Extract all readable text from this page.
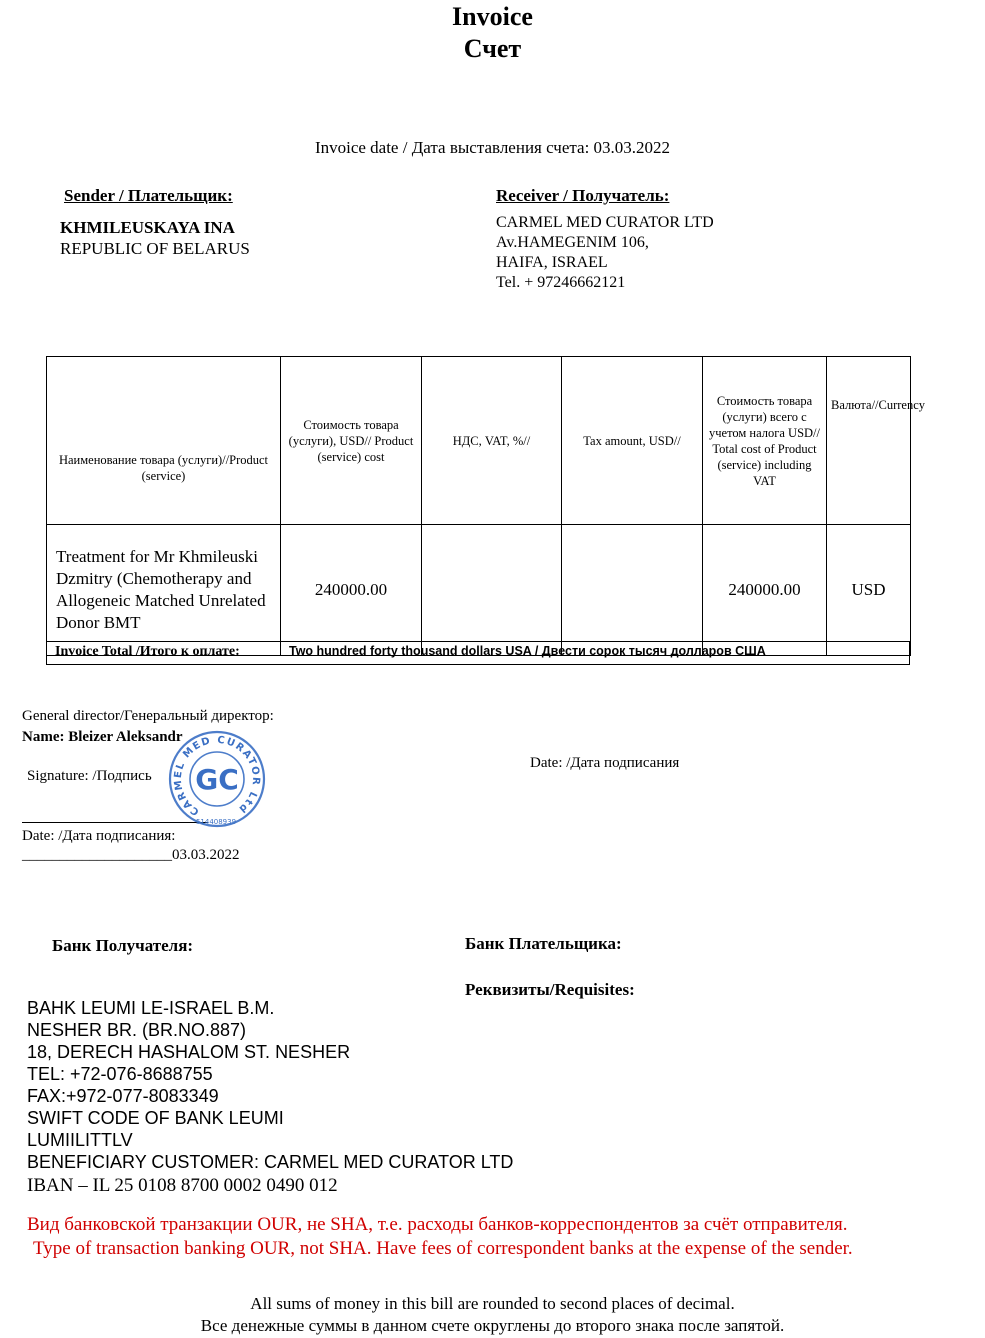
Invoice
Счет
Invoice date / Дата выставления счета: 03.03.2022
Sender / Плательщик:
KHMILEUSKAYA INA
REPUBLIC OF BELARUS
Receiver / Получатель:
CARMEL MED CURATOR LTD
Av.HAMEGENIM 106,
HAIFA, ISRAEL
Tel. + 97246662121
Наименование товара (услуги)//Product (service)	Стоимость товара (услуги), USD// Product (service) cost	НДС, VAT, %//	Tax amount, USD//	Стоимость товара (услуги) всего с учетом налога USD// Total cost of Product (service) including VAT	Валюта//Currency
Treatment for Mr Khmileuski Dzmitry (Chemotherapy and Allogeneic Matched Unrelated Donor BMT	240000.00			240000.00	USD
Invoice Total /Итого к оплате:	Two hundred forty thousand dollars USA / Двести сорок тысяч долларов США
General director/Генеральный директор:
Name: Bleizer Aleksandr
Signature: /Подпись
Date: /Дата подписания:
____________________03.03.2022
Date: /Дата подписания
CARMEL MED CURATOR Ltd
GC
514408939
Банк Получателя:	Банк Плательщика:
Реквизиты/Requisites:
BAHK LEUMI LE-ISRAEL B.M.
NESHER BR. (BR.NO.887)
18, DERECH HASHALOM ST. NESHER
TEL: +72-076-8688755
FAX:+972-077-8083349
SWIFT CODE OF BANK LEUMI
LUMIILITTLV
BENEFICIARY CUSTOMER: CARMEL MED CURATOR LTD
IBAN – IL 25 0108 8700 0002 0490 012
Вид банковской транзакции OUR, не SHA, т.е. расходы банков-корреспондентов за счёт отправителя.
Type of transaction banking OUR, not SHA. Have fees of correspondent banks at the expense of the sender.
All sums of money in this bill are rounded to second places of decimal.
Все денежные суммы в данном счете округлены до второго знака после запятой.
